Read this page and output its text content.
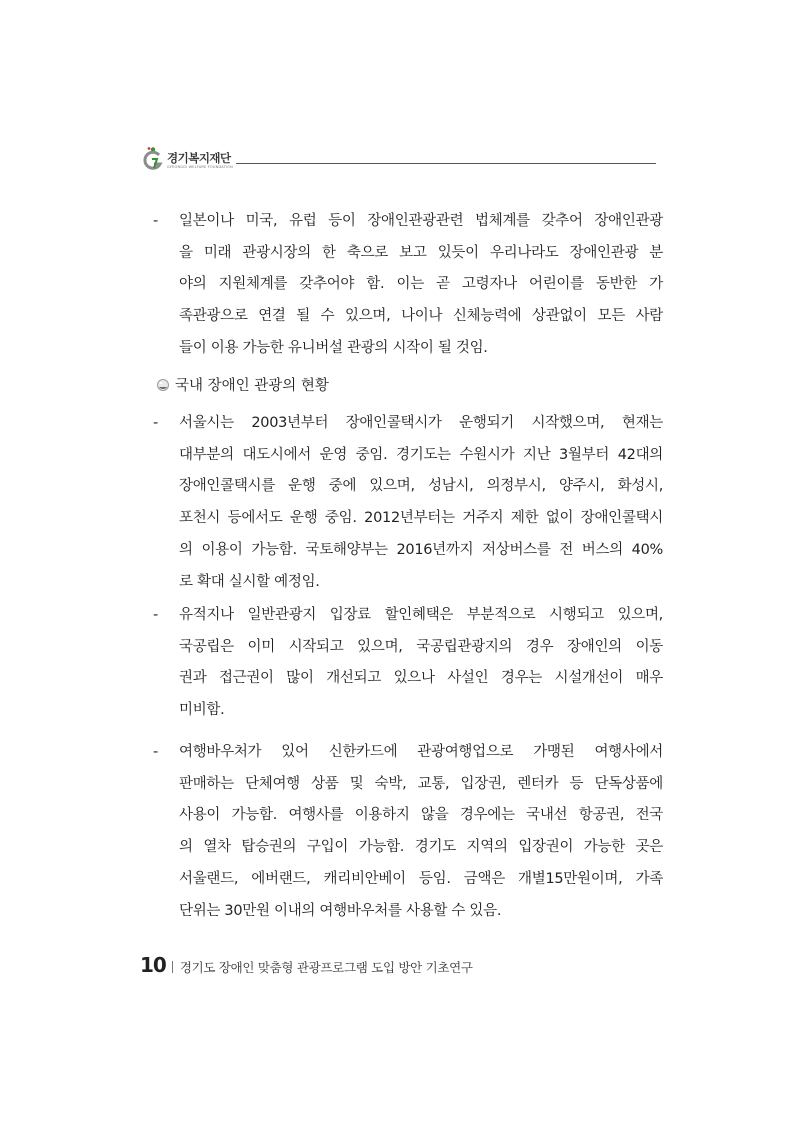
경기복지재단
GYEONGGI WELFARE FOUNDATION
- 일본이나 미국, 유럽 등이 장애인관광관련 법체계를 갖추어 장애인관광
을 미래 관광시장의 한 축으로 보고 있듯이 우리나라도 장애인관광 분
야의 지원체계를 갖추어야 함. 이는 곧 고령자나 어린이를 동반한 가
족관광으로 연결 될 수 있으며, 나이나 신체능력에 상관없이 모든 사람
들이 이용 가능한 유니버설 관광의 시작이 될 것임.
국내 장애인 관광의 현황
- 서울시는 2003년부터 장애인콜택시가 운행되기 시작했으며, 현재는
대부분의 대도시에서 운영 중임. 경기도는 수원시가 지난 3월부터 42대의
장애인콜택시를 운행 중에 있으며, 성남시, 의정부시, 양주시, 화성시,
포천시 등에서도 운행 중임. 2012년부터는 거주지 제한 없이 장애인콜택시
의 이용이 가능함. 국토해양부는 2016년까지 저상버스를 전 버스의 40%
로 확대 실시할 예정임.
- 유적지나 일반관광지 입장료 할인혜택은 부분적으로 시행되고 있으며,
국공립은 이미 시작되고 있으며, 국공립관광지의 경우 장애인의 이동
권과 접근권이 많이 개선되고 있으나 사설인 경우는 시설개선이 매우
미비함.
- 여행바우처가 있어 신한카드에 관광여행업으로 가맹된 여행사에서
판매하는 단체여행 상품 및 숙박, 교통, 입장권, 렌터카 등 단독상품에
사용이 가능함. 여행사를 이용하지 않을 경우에는 국내선 항공권, 전국
의 열차 탑승권의 구입이 가능함. 경기도 지역의 입장권이 가능한 곳은
서울랜드, 에버랜드, 캐리비안베이 등임. 금액은 개별15만원이며, 가족
단위는 30만원 이내의 여행바우처를 사용할 수 있음.
10 경기도 장애인 맞춤형 관광프로그램 도입 방안 기초연구
